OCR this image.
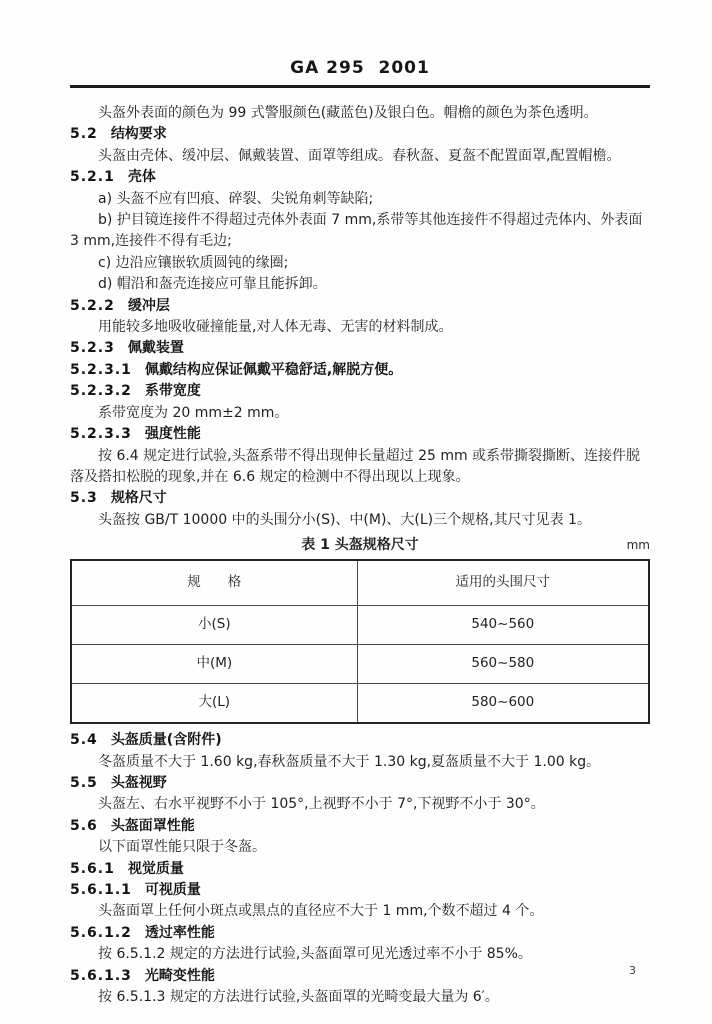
GA 295  2001
头盔外表面的颜色为 99 式警服颜色(藏蓝色)及银白色。帽檐的颜色为茶色透明。
5.2 结构要求
头盔由壳体、缓冲层、佩戴装置、面罩等组成。春秋盔、夏盔不配置面罩,配置帽檐。
5.2.1 壳体
a) 头盔不应有凹痕、碎裂、尖锐角刺等缺陷;
b) 护目镜连接件不得超过壳体外表面 7 mm,系带等其他连接件不得超过壳体内、外表面 3 mm,连接件不得有毛边;
c) 边沿应镶嵌软质圆钝的缘圈;
d) 帽沿和盔壳连接应可靠且能拆卸。
5.2.2 缓冲层
用能较多地吸收碰撞能量,对人体无毒、无害的材料制成。
5.2.3 佩戴装置
5.2.3.1 佩戴结构应保证佩戴平稳舒适,解脱方便。
5.2.3.2 系带宽度
系带宽度为 20 mm±2 mm。
5.2.3.3 强度性能
按 6.4 规定进行试验,头盔系带不得出现伸长量超过 25 mm 或系带撕裂撕断、连接件脱落及搭扣松脱的现象,并在 6.6 规定的检测中不得出现以上现象。
5.3 规格尺寸
头盔按 GB/T 10000 中的头围分小(S)、中(M)、大(L)三个规格,其尺寸见表 1。
表 1 头盔规格尺寸	mm
规　　格	适用的头围尺寸
小(S)	540~560
中(M)	560~580
大(L)	580~600
5.4 头盔质量(含附件)
冬盔质量不大于 1.60 kg,春秋盔质量不大于 1.30 kg,夏盔质量不大于 1.00 kg。
5.5 头盔视野
头盔左、右水平视野不小于 105°,上视野不小于 7°,下视野不小于 30°。
5.6 头盔面罩性能
以下面罩性能只限于冬盔。
5.6.1 视觉质量
5.6.1.1 可视质量
头盔面罩上任何小斑点或黑点的直径应不大于 1 mm,个数不超过 4 个。
5.6.1.2 透过率性能
按 6.5.1.2 规定的方法进行试验,头盔面罩可见光透过率不小于 85%。
5.6.1.3 光畸变性能
按 6.5.1.3 规定的方法进行试验,头盔面罩的光畸变最大量为 6′。
3
